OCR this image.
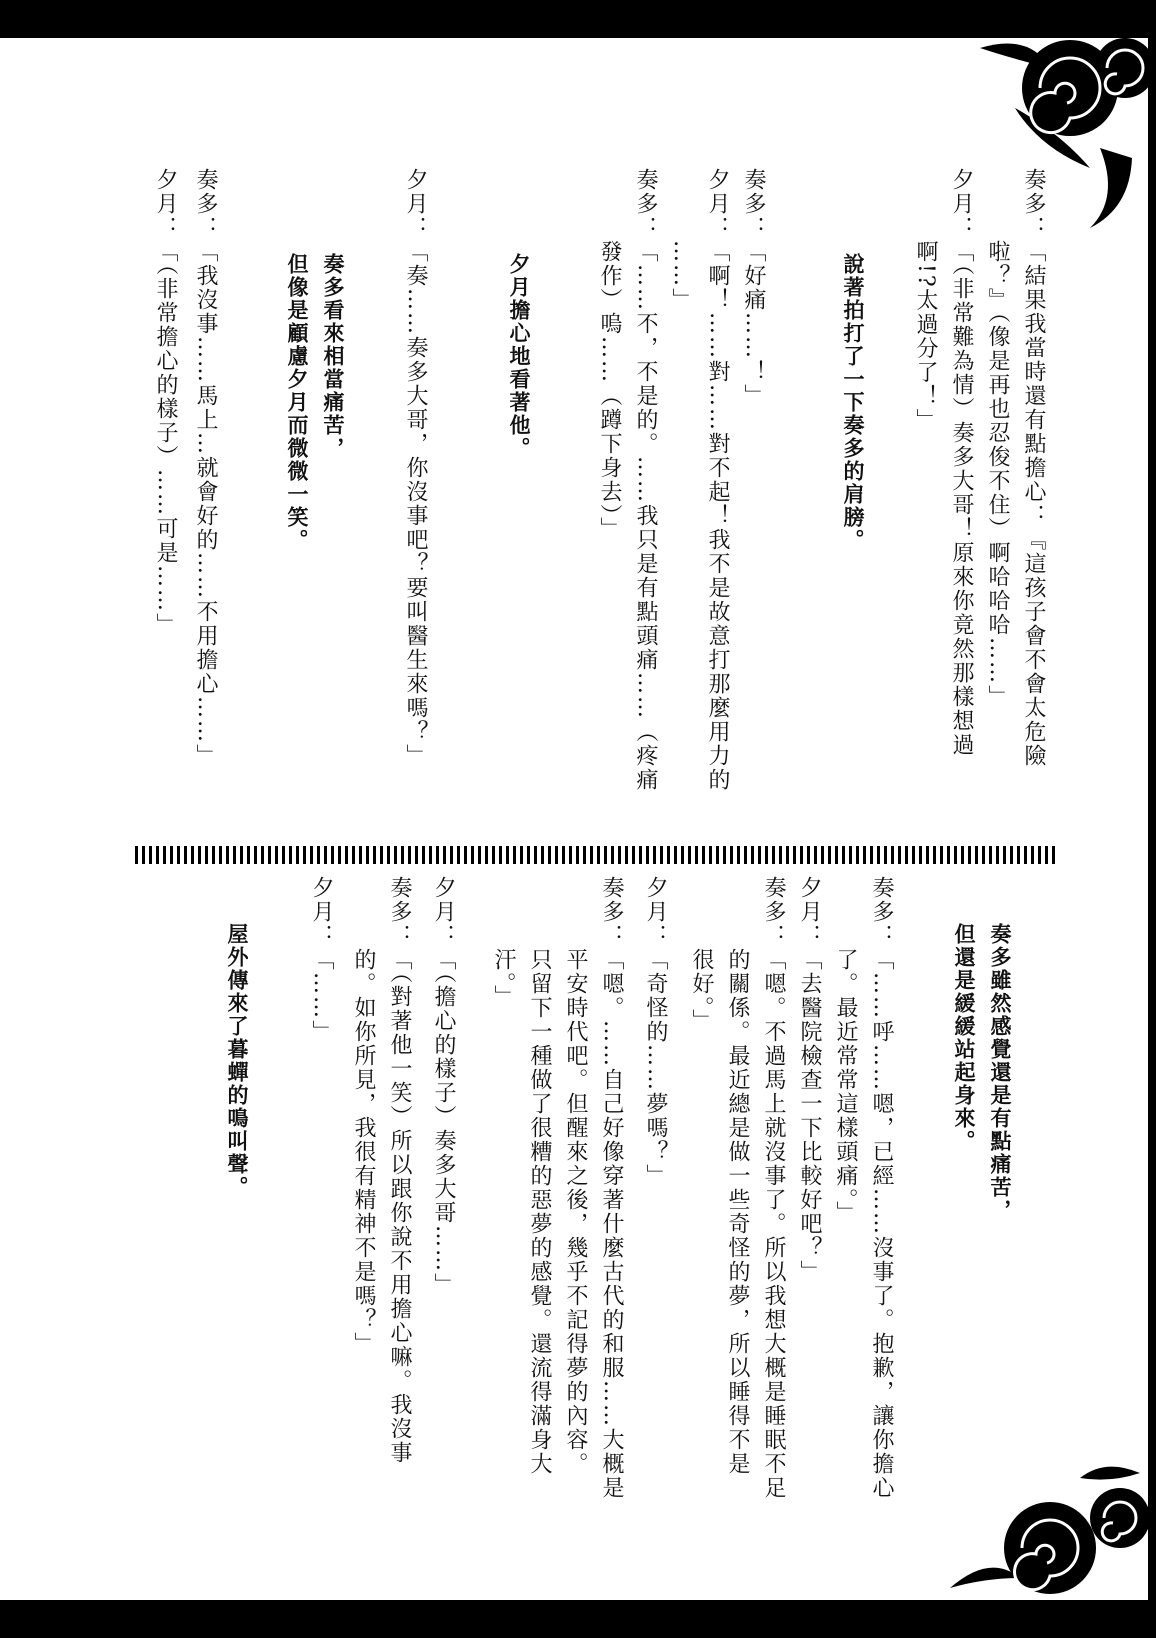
奏多：「結果我當時還有點擔心：『這孩子會不會太危險
　　　啦？』（像是再也忍俊不住）啊哈哈哈……」
夕月：「（非常難為情）奏多大哥！原來你竟然那樣想過
　　　啊!?太過分了！」
說著拍打了一下奏多的肩膀。
夕月：「啊！……對……對不起！我不是故意打那麼用力的
　　　……」 奏多：「好痛……！」
奏多：「……不，不是的。……我只是有點頭痛……（疼痛
　　　發作）嗚……（蹲下身去）」
夕月擔心地看著他。
夕月：「奏……奏多大哥，你沒事吧？要叫醫生來嗎？」
奏多看來相當痛苦，
但像是顧慮夕月而微微一笑。
奏多：「我沒事……馬上…就會好的……不用擔心……」
夕月：「（非常擔心的樣子）……可是……」
奏多雖然感覺還是有點痛苦，
但還是緩緩站起身來。
奏多：「……呼……嗯，已經……沒事了。抱歉，讓你擔心
　　　了。最近常常這樣頭痛。」
夕月：「去醫院檢查一下比較好吧？」
奏多：「嗯。不過馬上就沒事了。所以我想大概是睡眠不足
　　　的關係。最近總是做一些奇怪的夢，所以睡得不是
　　　很好。」
夕月：「奇怪的……夢嗎？」
奏多：「嗯。……自己好像穿著什麼古代的和服……大概是
　　　平安時代吧。但醒來之後，幾乎不記得夢的內容。
　　　只留下一種做了很糟的惡夢的感覺。還流得滿身大
　　　汗。」
夕月：「（擔心的樣子）奏多大哥……」
奏多：「（對著他一笑）所以跟你說不用擔心嘛。我沒事
　　　的。如你所見，我很有精神不是嗎？」
夕月：「……」
屋外傳來了暮蟬的鳴叫聲。
